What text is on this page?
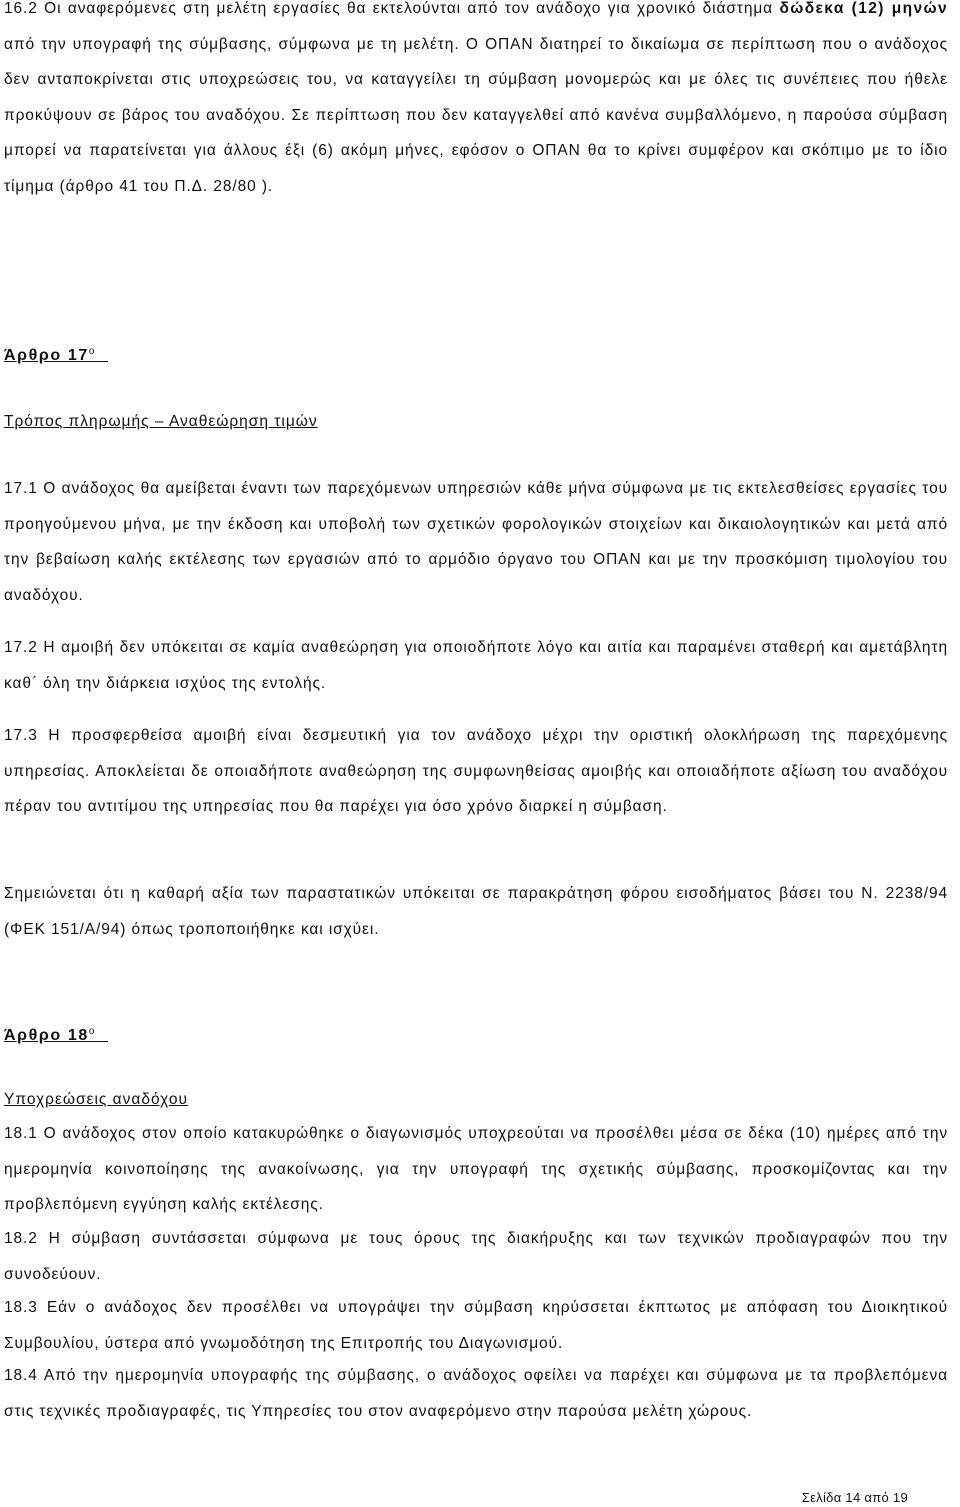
16.2 Οι αναφερόμενες στη μελέτη εργασίες θα εκτελούνται από τον ανάδοχο για χρονικό διάστημα δώδεκα (12) μηνών από την υπογραφή της σύμβασης, σύμφωνα με τη μελέτη. Ο ΟΠΑΝ διατηρεί το δικαίωμα σε περίπτωση που ο ανάδοχος δεν ανταποκρίνεται στις υποχρεώσεις του, να καταγγείλει τη σύμβαση μονομερώς και με όλες τις συνέπειες που ήθελε προκύψουν σε βάρος του αναδόχου. Σε περίπτωση που δεν καταγγελθεί από κανένα συμβαλλόμενο, η παρούσα σύμβαση μπορεί να παρατείνεται για άλλους έξι (6) ακόμη μήνες, εφόσον ο ΟΠΑΝ θα το κρίνει συμφέρον και σκόπιμο με το ίδιο τίμημα (άρθρο 41 του Π.Δ. 28/80 ).

Άρθρο $17^o$

Τρόπος πληρωμής – Αναθεώρηση τιμών

17.1 Ο ανάδοχος θα αμείβεται έναντι των παρεχόμενων υπηρεσιών κάθε μήνα σύμφωνα με τις εκτελεσθείσες εργασίες του προηγούμενου μήνα, με την έκδοση και υποβολή των σχετικών φορολογικών στοιχείων και δικαιολογητικών και μετά από την βεβαίωση καλής εκτέλεσης των εργασιών από το αρμόδιο όργανο του ΟΠΑΝ και με την προσκόμιση τιμολογίου του αναδόχου.

17.2 Η αμοιβή δεν υπόκειται σε καμία αναθεώρηση για οποιοδήποτε λόγο και αιτία και παραμένει σταθερή και αμετάβλητη καθ΄ όλη την διάρκεια ισχύος της εντολής.

17.3 Η προσφερθείσα αμοιβή είναι δεσμευτική για τον ανάδοχο μέχρι την οριστική ολοκλήρωση της παρεχόμενης υπηρεσίας. Αποκλείεται δε οποιαδήποτε αναθεώρηση της συμφωνηθείσας αμοιβής και οποιαδήποτε αξίωση του αναδόχου πέραν του αντιτίμου της υπηρεσίας που θα παρέχει για όσο χρόνο διαρκεί η σύμβαση.

Σημειώνεται ότι η καθαρή αξία των παραστατικών υπόκειται σε παρακράτηση φόρου εισοδήματος βάσει του Ν. 2238/94 (ΦΕΚ 151/Α/94) όπως τροποποιήθηκε και ισχύει.

Άρθρο $18^o$

Υποχρεώσεις αναδόχου

18.1 Ο ανάδοχος στον οποίο κατακυρώθηκε ο διαγωνισμός υποχρεούται να προσέλθει μέσα σε δέκα (10) ημέρες από την ημερομηνία κοινοποίησης της ανακοίνωσης, για την υπογραφή της σχετικής σύμβασης, προσκομίζοντας και την προβλεπόμενη εγγύηση καλής εκτέλεσης.

18.2 Η σύμβαση συντάσσεται σύμφωνα με τους όρους της διακήρυξης και των τεχνικών προδιαγραφών που την συνοδεύουν.

18.3 Εάν ο ανάδοχος δεν προσέλθει να υπογράψει την σύμβαση κηρύσσεται έκπτωτος με απόφαση του Διοικητικού Συμβουλίου, ύστερα από γνωμοδότηση της Επιτροπής του Διαγωνισμού.

18.4 Από την ημερομηνία υπογραφής της σύμβασης, ο ανάδοχος οφείλει να παρέχει και σύμφωνα με τα προβλεπόμενα στις τεχνικές προδιαγραφές, τις Υπηρεσίες του στον αναφερόμενο στην παρούσα μελέτη χώρους.

Σελίδα 14 από 19
